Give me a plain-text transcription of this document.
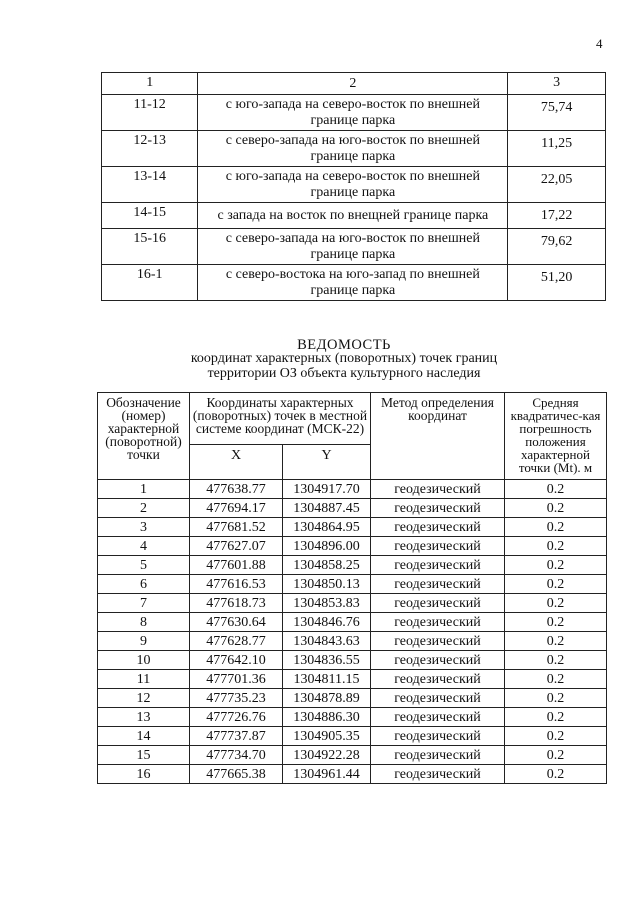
4
1	2	3
11-12	с юго-запада на северо-восток по внешней границе парка	75,74
12-13	с северо-запада на юго-восток по внешней границе парка	11,25
13-14	с юго-запада на северо-восток по внешней границе парка	22,05
14-15	с запада на восток по внещней границе парка	17,22
15-16	с северо-запада на юго-восток по внешней границе парка	79,62
16-1	с северо-востока на юго-запад по внешней границе парка	51,20
ВЕДОМОСТЬ
координат характерных (поворотных) точек границ
территории ОЗ объекта культурного наследия
Обозначение (номер) характерной (поворотной) точки	Координаты характерных (поворотных) точек в местной системе координат (МСК-22)		Метод определения координат	Средняя квадратичес-кая погрешность положения характерной точки (Mt). м
	X	Y		
1	477638.77	1304917.70	геодезический	0.2
2	477694.17	1304887.45	геодезический	0.2
3	477681.52	1304864.95	геодезический	0.2
4	477627.07	1304896.00	геодезический	0.2
5	477601.88	1304858.25	геодезический	0.2
6	477616.53	1304850.13	геодезический	0.2
7	477618.73	1304853.83	геодезический	0.2
8	477630.64	1304846.76	геодезический	0.2
9	477628.77	1304843.63	геодезический	0.2
10	477642.10	1304836.55	геодезический	0.2
11	477701.36	1304811.15	геодезический	0.2
12	477735.23	1304878.89	геодезический	0.2
13	477726.76	1304886.30	геодезический	0.2
14	477737.87	1304905.35	геодезический	0.2
15	477734.70	1304922.28	геодезический	0.2
16	477665.38	1304961.44	геодезический	0.2
